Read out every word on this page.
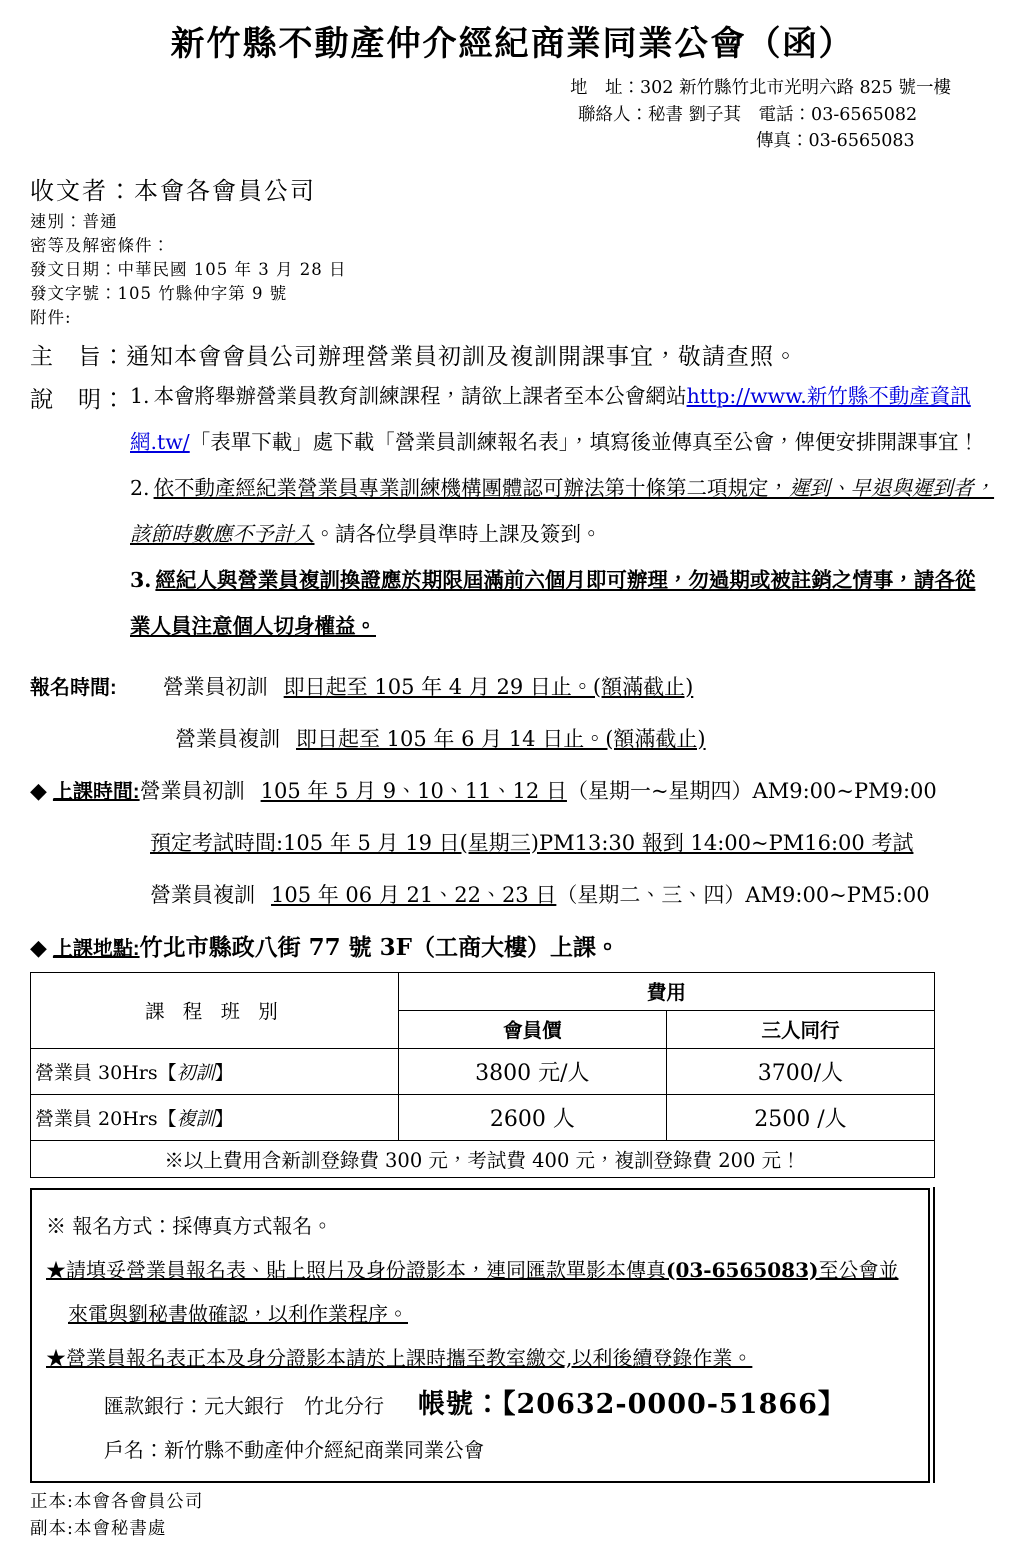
新竹縣不動產仲介經紀商業同業公會（函）
地　址：302 新竹縣竹北市光明六路 825 號一樓
聯絡人：秘書 劉子萁　電話：03-6565082
傳真：03-6565083
收文者：本會各會員公司
速別：普通
密等及解密條件：
發文日期：中華民國 105 年 3 月 28 日
發文字號：105 竹縣仲字第 9 號
附件:
主　旨：通知本會會員公司辦理營業員初訓及複訓開課事宜，敬請查照。
說　明： 1. 本會將舉辦營業員教育訓練課程，請欲上課者至本公會網站http://www.新竹縣不動產資訊網.tw/「表單下載」處下載「營業員訓練報名表」，填寫後並傳真至公會，俾便安排開課事宜！

2. 依不動產經紀業營業員專業訓練機構團體認可辦法第十條第二項規定，遲到、早退與遲到者，該節時數應不予計入。請各位學員準時上課及簽到。

3. 經紀人與營業員複訓換證應於期限屆滿前六個月即可辦理，勿過期或被註銷之情事，請各從業人員注意個人切身權益。

報名時間: 營業員初訓 即日起至 105 年 4 月 29 日止。(額滿截止)
營業員複訓 即日起至 105 年 6 月 14 日止。(額滿截止)
◆ 上課時間:營業員初訓 105 年 5 月 9、10、11、12 日（星期一~星期四）AM9:00~PM9:00
預定考試時間:105 年 5 月 19 日(星期三)PM13:30 報到 14:00~PM16:00 考試
營業員複訓 105 年 06 月 21、22、23 日（星期二、三、四）AM9:00~PM5:00
◆ 上課地點:竹北市縣政八街 77 號 3F（工商大樓）上課。
課 程 班 別	費用	
	會員價	三人同行
營業員 30Hrs【初訓】	3800 元/人	3700/人
營業員 20Hrs【複訓】	2600 人	2500 /人
※以上費用含新訓登錄費 300 元，考試費 400 元，複訓登錄費 200 元！		

※ 報名方式：採傳真方式報名。

★請填妥營業員報名表、貼上照片及身份證影本，連同匯款單影本傳真(03-6565083)至公會並來電與劉秘書做確認，以利作業程序。

★營業員報名表正本及身分證影本請於上課時攜至教室繳交,以利後續登錄作業。

匯款銀行：元大銀行　竹北分行 帳號：【20632-0000-51866】

戶名：新竹縣不動產仲介經紀商業同業公會

正本:本會各會員公司
副本:本會秘書處
